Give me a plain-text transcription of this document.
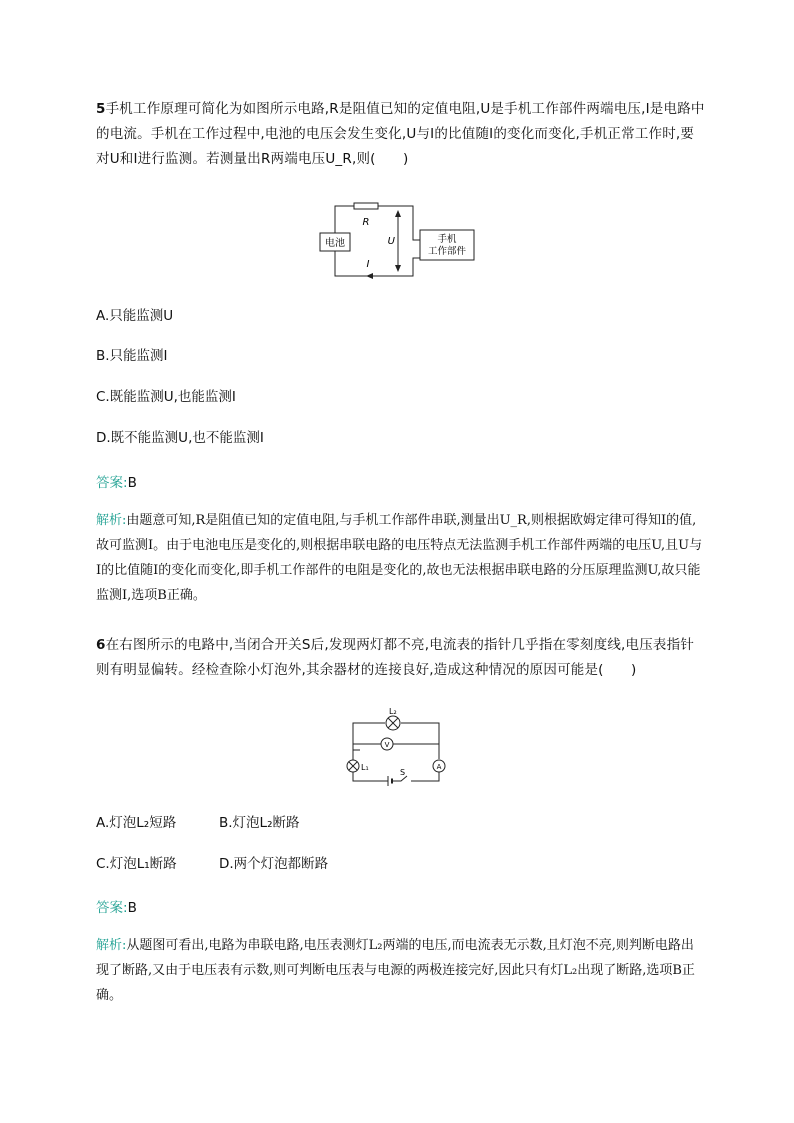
5手机工作原理可简化为如图所示电路,R是阻值已知的定值电阻,U是手机工作部件两端电压,I是电路中的电流。手机在工作过程中,电池的电压会发生变化,U与I的比值随I的变化而变化,手机正常工作时,要对U和I进行监测。若测量出R两端电压U_R,则(　　)
电池
R
U
I
手机
工作部件
A.只能监测U
B.只能监测I
C.既能监测U,也能监测I
D.既不能监测U,也不能监测I
答案:B
解析:由题意可知,R是阻值已知的定值电阻,与手机工作部件串联,测量出U_R,则根据欧姆定律可得知I的值,故可监测I。由于电池电压是变化的,则根据串联电路的电压特点无法监测手机工作部件两端的电压U,且U与I的比值随I的变化而变化,即手机工作部件的电阻是变化的,故也无法根据串联电路的分压原理监测U,故只能监测I,选项B正确。
6在右图所示的电路中,当闭合开关S后,发现两灯都不亮,电流表的指针几乎指在零刻度线,电压表指针则有明显偏转。经检查除小灯泡外,其余器材的连接良好,造成这种情况的原因可能是(　　)
L₂
L₁
V
A
S
A.灯泡L₂短路	B.灯泡L₂断路
C.灯泡L₁断路	D.两个灯泡都断路
答案:B
解析:从题图可看出,电路为串联电路,电压表测灯L₂两端的电压,而电流表无示数,且灯泡不亮,则判断电路出现了断路,又由于电压表有示数,则可判断电压表与电源的两极连接完好,因此只有灯L₂出现了断路,选项B正确。
